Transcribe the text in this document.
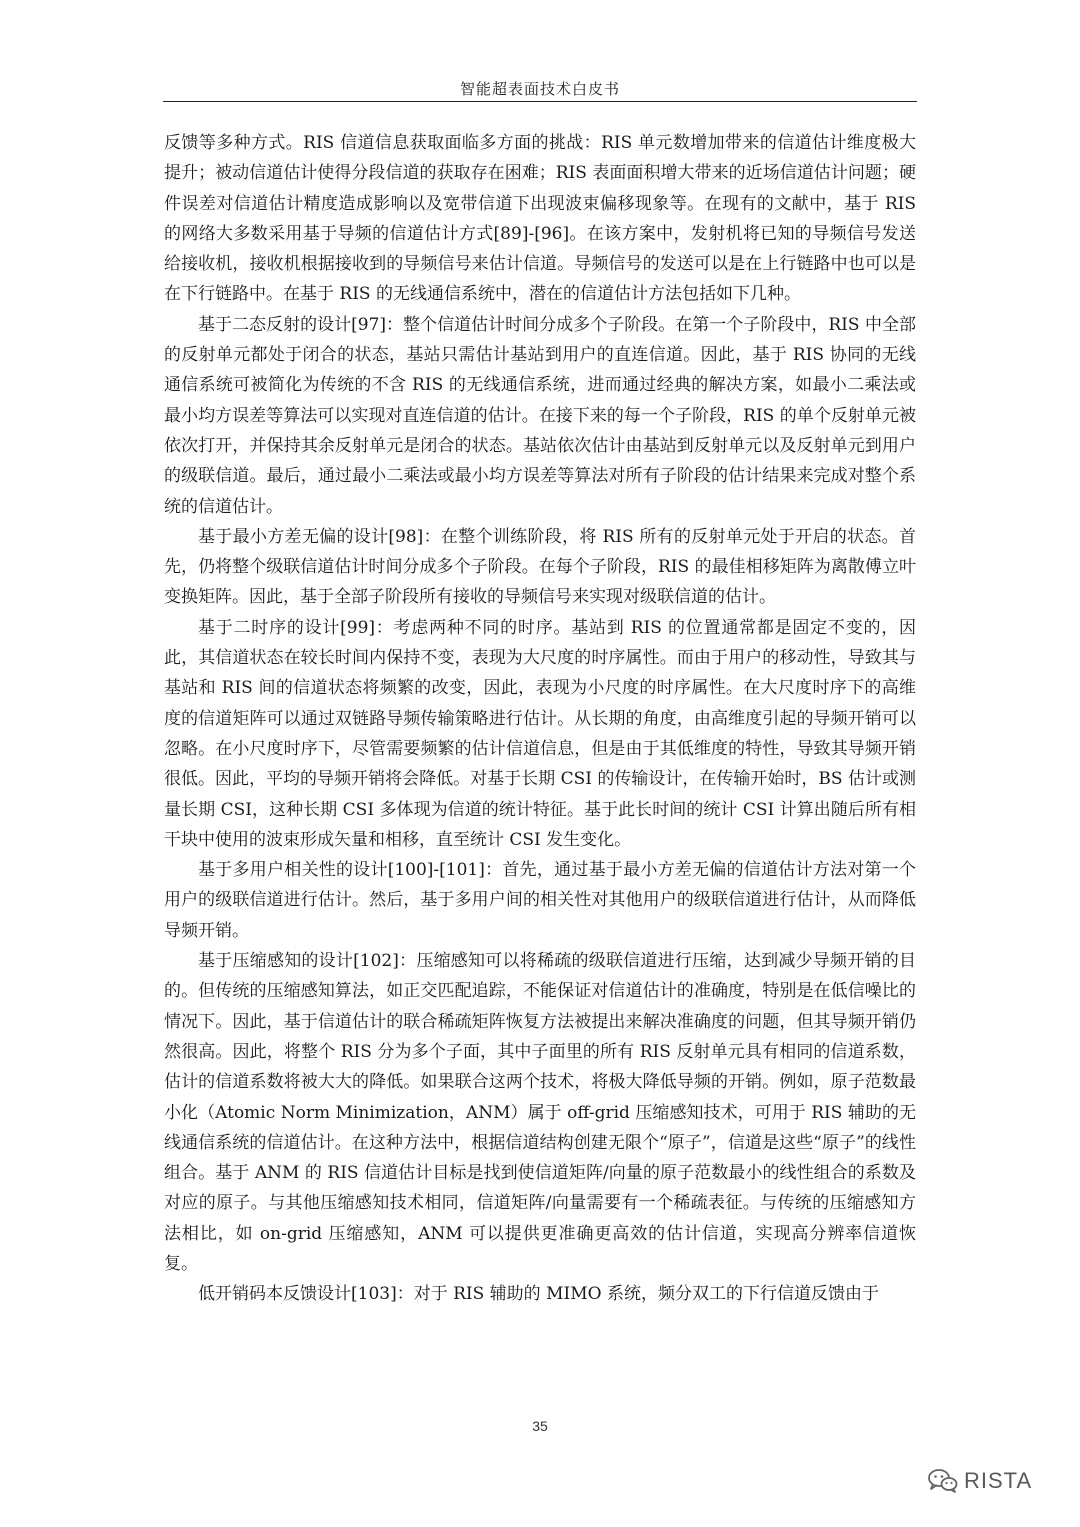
智能超表面技术白皮书

反馈等多种方式。RIS 信道信息获取面临多方面的挑战：RIS 单元数增加带来的信道估计维度极大提升；被动信道估计使得分段信道的获取存在困难；RIS 表面面积增大带来的近场信道估计问题；硬件误差对信道估计精度造成影响以及宽带信道下出现波束偏移现象等。在现有的文献中，基于 RIS 的网络大多数采用基于导频的信道估计方式[89]-[96]。在该方案中，发射机将已知的导频信号发送给接收机，接收机根据接收到的导频信号来估计信道。导频信号的发送可以是在上行链路中也可以是在下行链路中。在基于 RIS 的无线通信系统中，潜在的信道估计方法包括如下几种。

基于二态反射的设计[97]：整个信道估计时间分成多个子阶段。在第一个子阶段中，RIS 中全部的反射单元都处于闭合的状态，基站只需估计基站到用户的直连信道。因此，基于 RIS 协同的无线通信系统可被简化为传统的不含 RIS 的无线通信系统，进而通过经典的解决方案，如最小二乘法或最小均方误差等算法可以实现对直连信道的估计。在接下来的每一个子阶段，RIS 的单个反射单元被依次打开，并保持其余反射单元是闭合的状态。基站依次估计由基站到反射单元以及反射单元到用户的级联信道。最后，通过最小二乘法或最小均方误差等算法对所有子阶段的估计结果来完成对整个系统的信道估计。

基于最小方差无偏的设计[98]：在整个训练阶段，将 RIS 所有的反射单元处于开启的状态。首先，仍将整个级联信道估计时间分成多个子阶段。在每个子阶段，RIS 的最佳相移矩阵为离散傅立叶变换矩阵。因此，基于全部子阶段所有接收的导频信号来实现对级联信道的估计。

基于二时序的设计[99]：考虑两种不同的时序。基站到 RIS 的位置通常都是固定不变的，因此，其信道状态在较长时间内保持不变，表现为大尺度的时序属性。而由于用户的移动性，导致其与基站和 RIS 间的信道状态将频繁的改变，因此，表现为小尺度的时序属性。在大尺度时序下的高维度的信道矩阵可以通过双链路导频传输策略进行估计。从长期的角度，由高维度引起的导频开销可以忽略。在小尺度时序下，尽管需要频繁的估计信道信息，但是由于其低维度的特性，导致其导频开销很低。因此，平均的导频开销将会降低。对基于长期 CSI 的传输设计，在传输开始时，BS 估计或测量长期 CSI，这种长期 CSI 多体现为信道的统计特征。基于此长时间的统计 CSI 计算出随后所有相干块中使用的波束形成矢量和相移，直至统计 CSI 发生变化。

基于多用户相关性的设计[100]-[101]：首先，通过基于最小方差无偏的信道估计方法对第一个用户的级联信道进行估计。然后，基于多用户间的相关性对其他用户的级联信道进行估计，从而降低导频开销。

基于压缩感知的设计[102]：压缩感知可以将稀疏的级联信道进行压缩，达到减少导频开销的目的。但传统的压缩感知算法，如正交匹配追踪，不能保证对信道估计的准确度，特别是在低信噪比的情况下。因此，基于信道估计的联合稀疏矩阵恢复方法被提出来解决准确度的问题，但其导频开销仍然很高。因此，将整个 RIS 分为多个子面，其中子面里的所有 RIS 反射单元具有相同的信道系数，估计的信道系数将被大大的降低。如果联合这两个技术，将极大降低导频的开销。例如，原子范数最小化（Atomic Norm Minimization，ANM）属于 off-grid 压缩感知技术，可用于 RIS 辅助的无线通信系统的信道估计。在这种方法中，根据信道结构创建无限个“原子”，信道是这些“原子”的线性组合。基于 ANM 的 RIS 信道估计目标是找到使信道矩阵/向量的原子范数最小的线性组合的系数及对应的原子。与其他压缩感知技术相同，信道矩阵/向量需要有一个稀疏表征。与传统的压缩感知方法相比，如 on-grid 压缩感知，ANM 可以提供更准确更高效的估计信道，实现高分辨率信道恢复。

低开销码本反馈设计[103]：对于 RIS 辅助的 MIMO 系统，频分双工的下行信道反馈由于

35
RISTA
